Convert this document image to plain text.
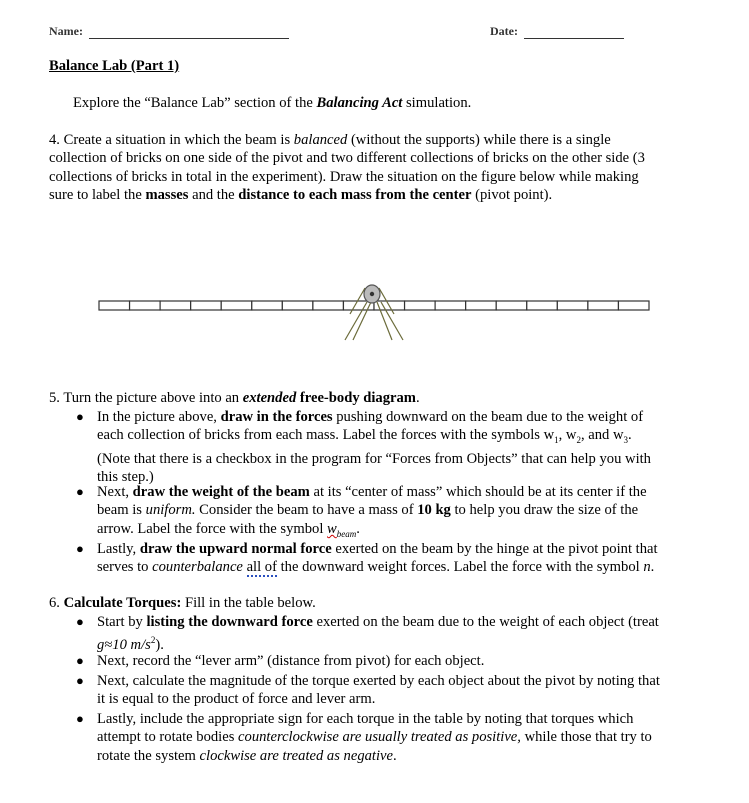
Name:	Date:
Balance Lab (Part 1)
Explore the “Balance Lab” section of the Balancing Act simulation.
4. Create a situation in which the beam is balanced (without the supports) while there is a single
collection of bricks on one side of the pivot and two different collections of bricks on the other side (3
collections of bricks in total in the experiment). Draw the situation on the figure below while making
sure to label the masses and the distance to each mass from the center (pivot point).
5. Turn the picture above into an extended free-body diagram.
● In the picture above, draw in the forces pushing downward on the beam due to the weight of
each collection of bricks from each mass. Label the forces with the symbols $w_1$, $w_2$, and $w_3$.
(Note that there is a checkbox in the program for “Forces from Objects” that can help you with
this step.)
● Next, draw the weight of the beam at its “center of mass” which should be at its center if the
beam is uniform. Consider the beam to have a mass of 10 kg to help you draw the size of the
arrow. Label the force with the symbol $w_{beam}$.
● Lastly, draw the upward normal force exerted on the beam by the hinge at the pivot point that
serves to counterbalance all of the downward weight forces. Label the force with the symbol n.
6. Calculate Torques: Fill in the table below.
● Start by listing the downward force exerted on the beam due to the weight of each object (treat
g≈10 $m/s^2$).
● Next, record the “lever arm” (distance from pivot) for each object.
● Next, calculate the magnitude of the torque exerted by each object about the pivot by noting that
it is equal to the product of force and lever arm.
● Lastly, include the appropriate sign for each torque in the table by noting that torques which
attempt to rotate bodies counterclockwise are usually treated as positive, while those that try to
rotate the system clockwise are treated as negative.
